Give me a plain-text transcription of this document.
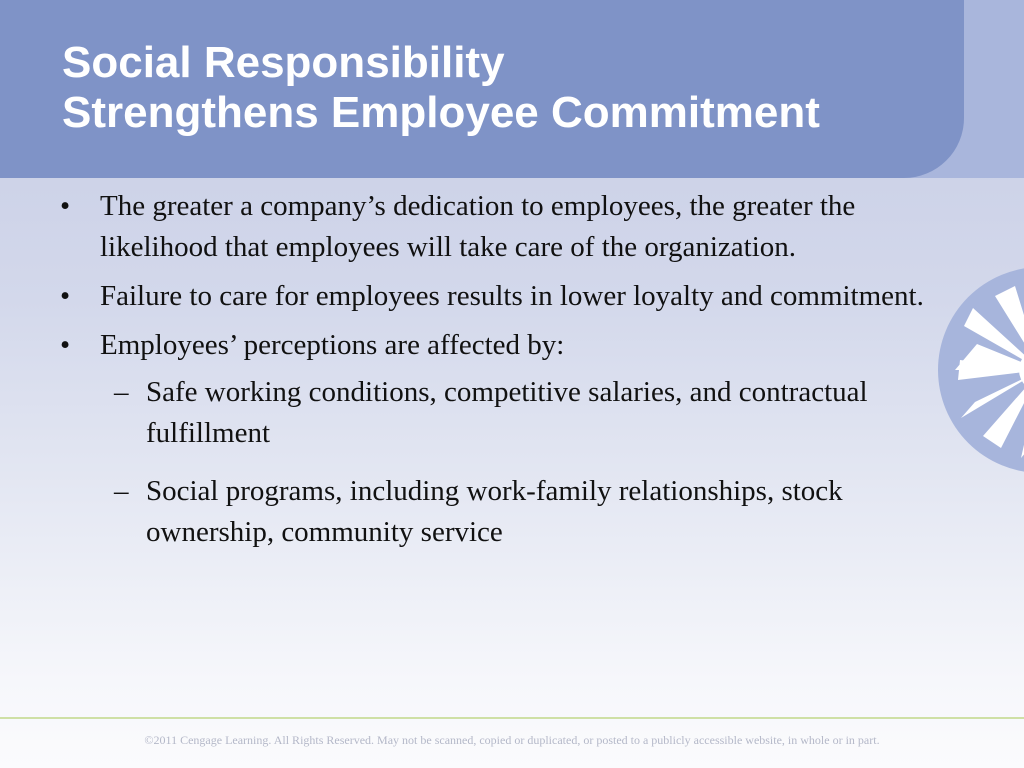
Social Responsibility
Strengthens Employee Commitment
• The greater a company’s dedication to employees, the greater the likelihood that employees will take care of the organization.
• Failure to care for employees results in lower loyalty and commitment.
• Employees’ perceptions are affected by:
– Safe working conditions, competitive salaries, and contractual fulfillment
– Social programs, including work-family relationships, stock ownership, community service
©2011 Cengage Learning. All Rights Reserved. May not be scanned, copied or duplicated, or posted to a publicly accessible website, in whole or in part.
